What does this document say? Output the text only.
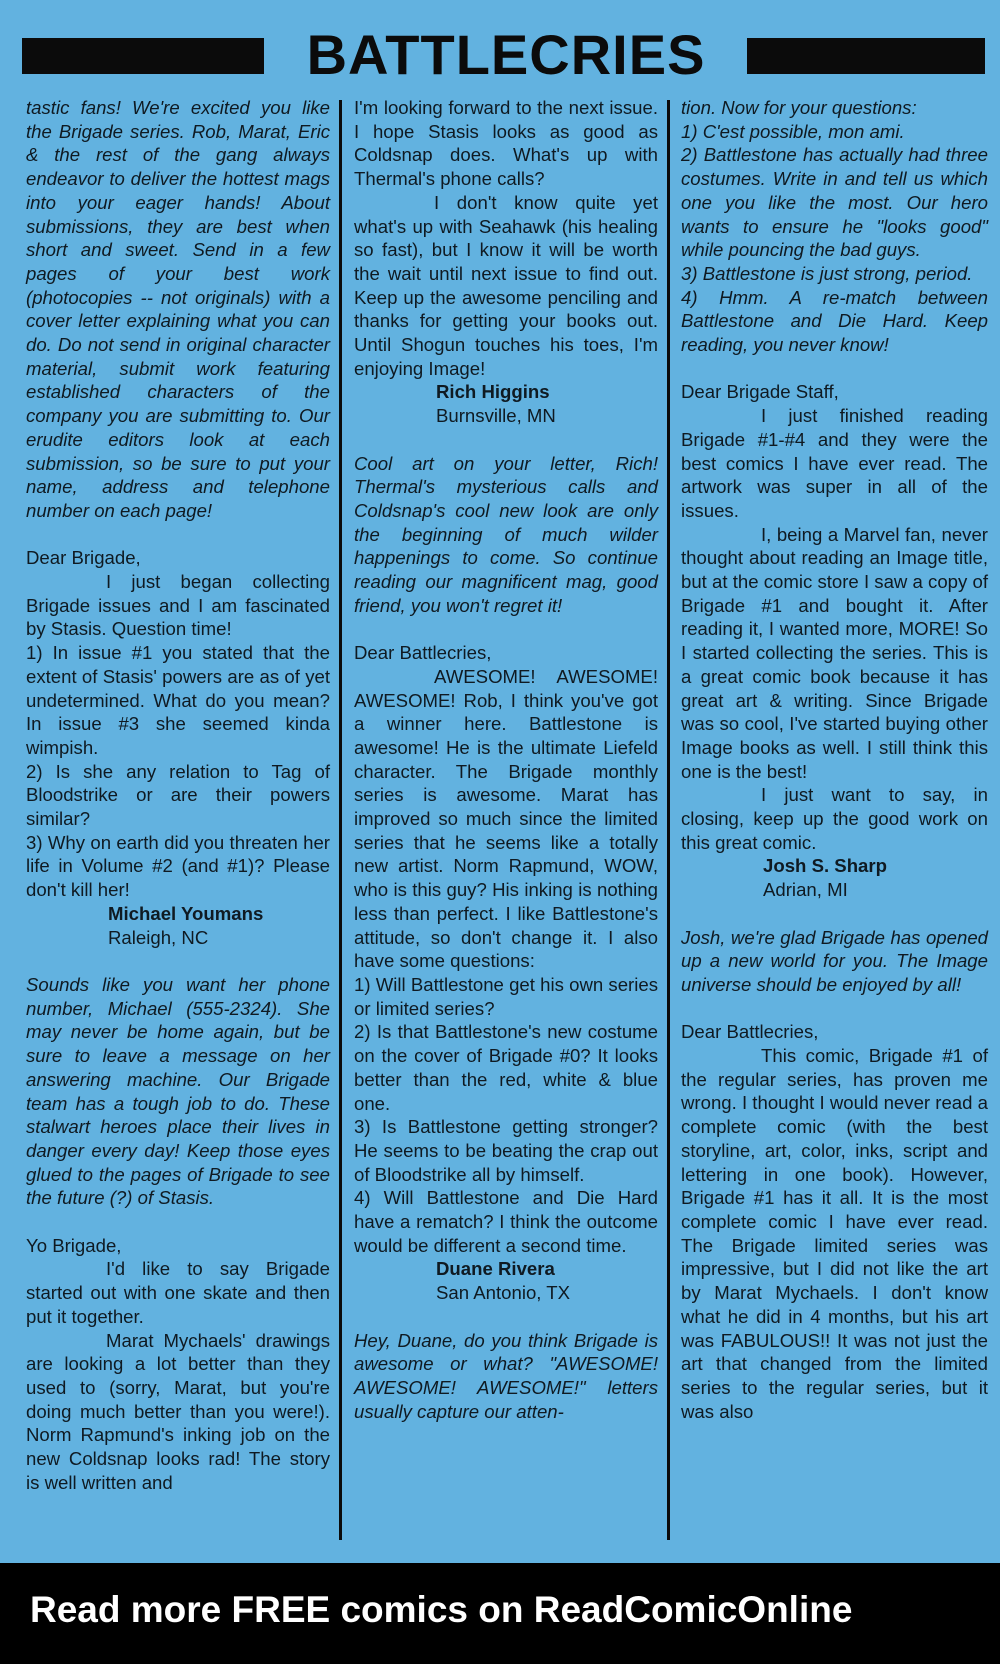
BATTLECRIES

tastic fans! We're excited you like the Brigade series. Rob, Marat, Eric & the rest of the gang always endeavor to deliver the hottest mags into your eager hands! About submissions, they are best when short and sweet. Send in a few pages of your best work (photocopies -- not originals) with a cover letter explaining what you can do. Do not send in original character material, submit work featuring established characters of the company you are submitting to. Our erudite editors look at each submission, so be sure to put your name, address and telephone number on each page!

Dear Brigade,

I just began collecting Brigade issues and I am fascinated by Stasis. Question time!

1) In issue #1 you stated that the extent of Stasis' powers are as of yet undetermined. What do you mean? In issue #3 she seemed kinda wimpish.

2) Is she any relation to Tag of Bloodstrike or are their powers similar?

3) Why on earth did you threaten her life in Volume #2 (and #1)? Please don't kill her!

Michael Youmans

Raleigh, NC

Sounds like you want her phone number, Michael (555-2324). She may never be home again, but be sure to leave a message on her answering machine. Our Brigade team has a tough job to do. These stalwart heroes place their lives in danger every day! Keep those eyes glued to the pages of Brigade to see the future (?) of Stasis.

Yo Brigade,

I'd like to say Brigade started out with one skate and then put it together.

Marat Mychaels' drawings are looking a lot better than they used to (sorry, Marat, but you're doing much better than you were!). Norm Rapmund's inking job on the new Coldsnap looks rad! The story is well written and

I'm looking forward to the next issue. I hope Stasis looks as good as Coldsnap does. What's up with Thermal's phone calls?

I don't know quite yet what's up with Seahawk (his healing so fast), but I know it will be worth the wait until next issue to find out. Keep up the awesome penciling and thanks for getting your books out. Until Shogun touches his toes, I'm enjoying Image!

Rich Higgins

Burnsville, MN

Cool art on your letter, Rich! Thermal's mysterious calls and Coldsnap's cool new look are only the beginning of much wilder happenings to come. So continue reading our magnificent mag, good friend, you won't regret it!

Dear Battlecries,

AWESOME! AWESOME! AWESOME! Rob, I think you've got a winner here. Battlestone is awesome! He is the ultimate Liefeld character. The Brigade monthly series is awesome. Marat has improved so much since the limited series that he seems like a totally new artist. Norm Rapmund, WOW, who is this guy? His inking is nothing less than perfect. I like Battlestone's attitude, so don't change it. I also have some questions:

1) Will Battlestone get his own series or limited series?

2) Is that Battlestone's new costume on the cover of Brigade #0? It looks better than the red, white & blue one.

3) Is Battlestone getting stronger? He seems to be beating the crap out of Bloodstrike all by himself.

4) Will Battlestone and Die Hard have a rematch? I think the outcome would be different a second time.

Duane Rivera

San Antonio, TX

Hey, Duane, do you think Brigade is awesome or what? "AWESOME! AWESOME! AWESOME!" letters usually capture our atten-

tion. Now for your questions:

1) C'est possible, mon ami.

2) Battlestone has actually had three costumes. Write in and tell us which one you like the most. Our hero wants to ensure he "looks good" while pouncing the bad guys.

3) Battlestone is just strong, period.

4) Hmm. A re-match between Battlestone and Die Hard. Keep reading, you never know!

Dear Brigade Staff,

I just finished reading Brigade #1-#4 and they were the best comics I have ever read. The artwork was super in all of the issues.

I, being a Marvel fan, never thought about reading an Image title, but at the comic store I saw a copy of Brigade #1 and bought it. After reading it, I wanted more, MORE! So I started collecting the series. This is a great comic book because it has great art & writing. Since Brigade was so cool, I've started buying other Image books as well. I still think this one is the best!

I just want to say, in closing, keep up the good work on this great comic.

Josh S. Sharp

Adrian, MI

Josh, we're glad Brigade has opened up a new world for you. The Image universe should be enjoyed by all!

Dear Battlecries,

This comic, Brigade #1 of the regular series, has proven me wrong. I thought I would never read a complete comic (with the best storyline, art, color, inks, script and lettering in one book). However, Brigade #1 has it all. It is the most complete comic I have ever read. The Brigade limited series was impressive, but I did not like the art by Marat Mychaels. I don't know what he did in 4 months, but his art was FABULOUS!! It was not just the art that changed from the limited series to the regular series, but it was also

Read more FREE comics on ReadComicOnline
